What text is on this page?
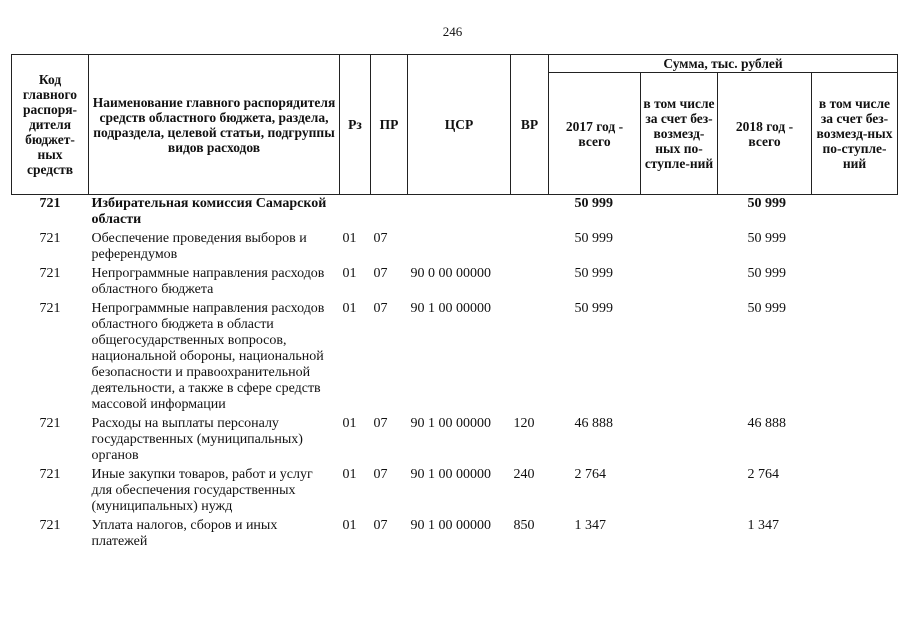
246
Код главного распоря-дителя бюджет-ных средств	Наименование главного распорядителя средств областного бюджета, раздела, подраздела, целевой статьи, подгруппы видов расходов	Рз	ПР	ЦСР	ВР	Сумма, тыс. рублей			
						2017 год - всего	в том числе за счет без-возмезд-ных по-ступле-ний	2018 год - всего	в том числе за счет без-возмезд-ных по-ступле-ний
721	Избирательная комиссия Самарской области					50 999		50 999	
721	Обеспечение проведения выборов и референдумов	01	07			50 999		50 999	
721	Непрограммные направления расходов областного бюджета	01	07	90 0 00 00000		50 999		50 999	
721	Непрограммные направления расходов областного бюджета в области общегосударственных вопросов, национальной обороны, национальной безопасности и правоохранительной деятельности, а также в сфере средств массовой информации	01	07	90 1 00 00000		50 999		50 999	
721	Расходы на выплаты персоналу государственных (муниципальных) органов	01	07	90 1 00 00000	120	46 888		46 888	
721	Иные закупки товаров, работ и услуг для обеспечения государственных (муниципальных) нужд	01	07	90 1 00 00000	240	2 764		2 764	
721	Уплата налогов, сборов и иных платежей	01	07	90 1 00 00000	850	1 347		1 347	
